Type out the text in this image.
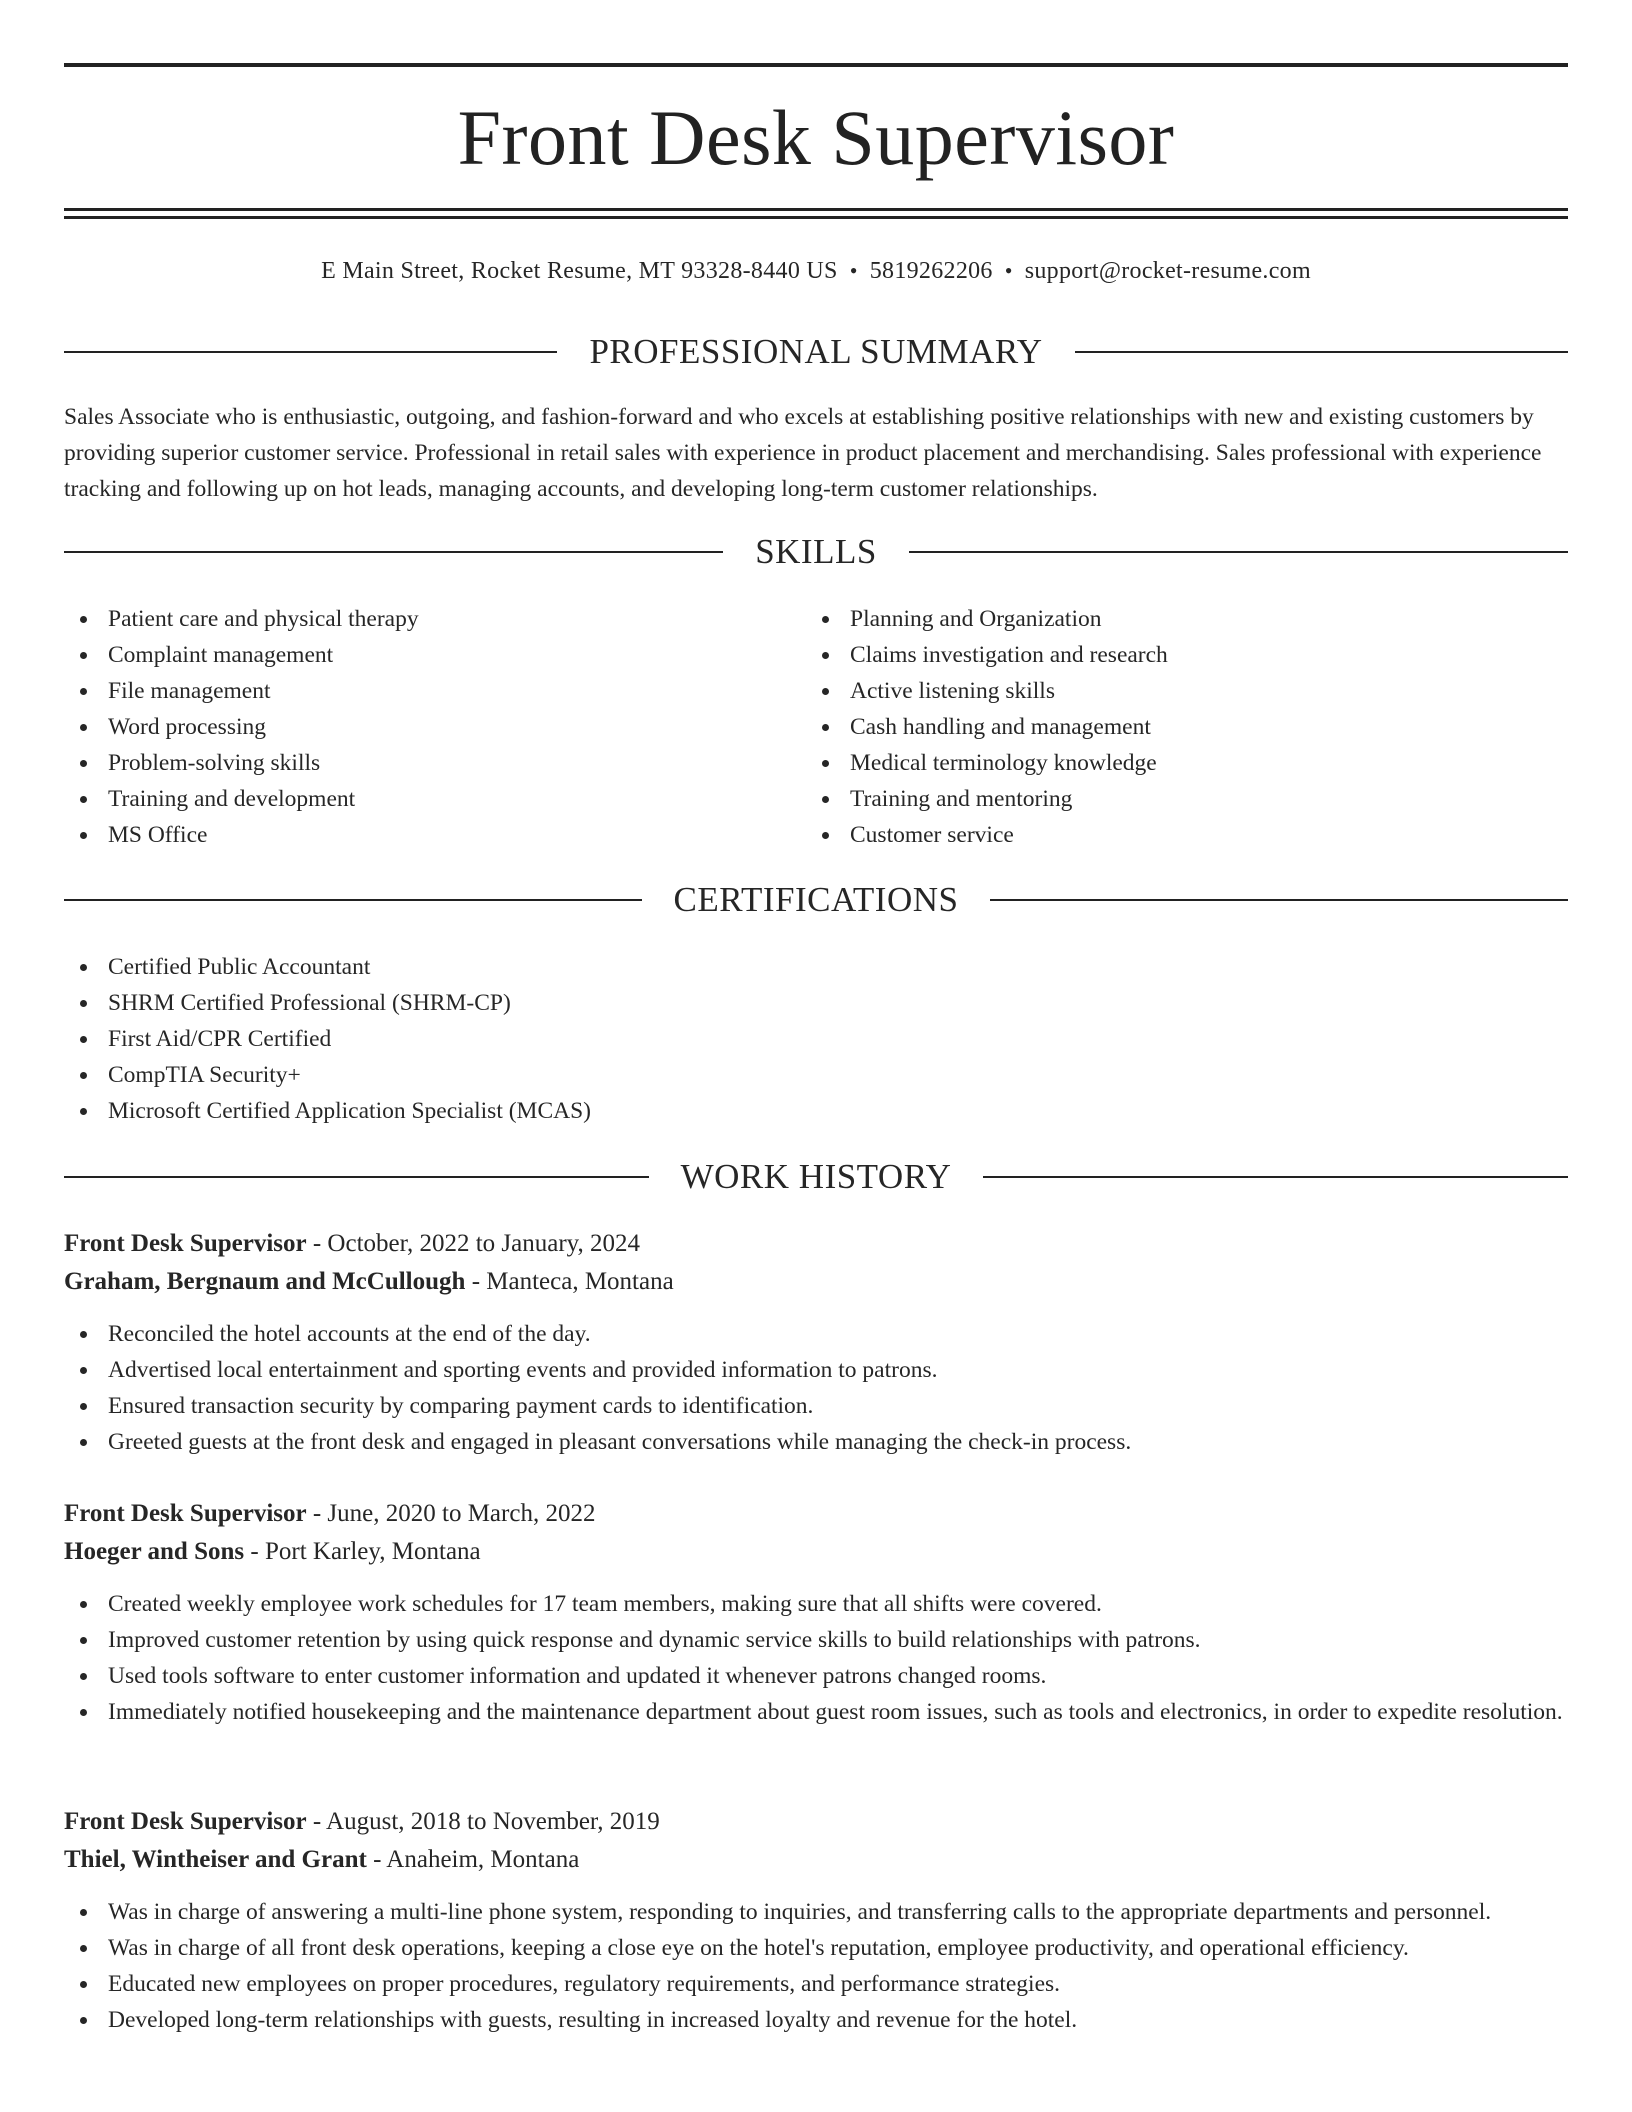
Front Desk Supervisor
E Main Street, Rocket Resume, MT 93328-8440 US • 5819262206 • support@rocket-resume.com
PROFESSIONAL SUMMARY

Sales Associate who is enthusiastic, outgoing, and fashion-forward and who excels at establishing positive relationships with new and existing customers by providing superior customer service. Professional in retail sales with experience in product placement and merchandising. Sales professional with experience tracking and following up on hot leads, managing accounts, and developing long-term customer relationships.

SKILLS
Patient care and physical therapy
Complaint management
File management
Word processing
Problem-solving skills
Training and development
MS Office
Planning and Organization
Claims investigation and research
Active listening skills
Cash handling and management
Medical terminology knowledge
Training and mentoring
Customer service
CERTIFICATIONS
Certified Public Accountant
SHRM Certified Professional (SHRM-CP)
First Aid/CPR Certified
CompTIA Security+
Microsoft Certified Application Specialist (MCAS)
WORK HISTORY
Front Desk Supervisor - October, 2022 to January, 2024
Graham, Bergnaum and McCullough - Manteca, Montana
Reconciled the hotel accounts at the end of the day.
Advertised local entertainment and sporting events and provided information to patrons.
Ensured transaction security by comparing payment cards to identification.
Greeted guests at the front desk and engaged in pleasant conversations while managing the check-in process.
Front Desk Supervisor - June, 2020 to March, 2022
Hoeger and Sons - Port Karley, Montana
Created weekly employee work schedules for 17 team members, making sure that all shifts were covered.
Improved customer retention by using quick response and dynamic service skills to build relationships with patrons.
Used tools software to enter customer information and updated it whenever patrons changed rooms.
Immediately notified housekeeping and the maintenance department about guest room issues, such as tools and electronics, in order to expedite resolution.
Front Desk Supervisor - August, 2018 to November, 2019
Thiel, Wintheiser and Grant - Anaheim, Montana
Was in charge of answering a multi-line phone system, responding to inquiries, and transferring calls to the appropriate departments and personnel.
Was in charge of all front desk operations, keeping a close eye on the hotel's reputation, employee productivity, and operational efficiency.
Educated new employees on proper procedures, regulatory requirements, and performance strategies.
Developed long-term relationships with guests, resulting in increased loyalty and revenue for the hotel.
